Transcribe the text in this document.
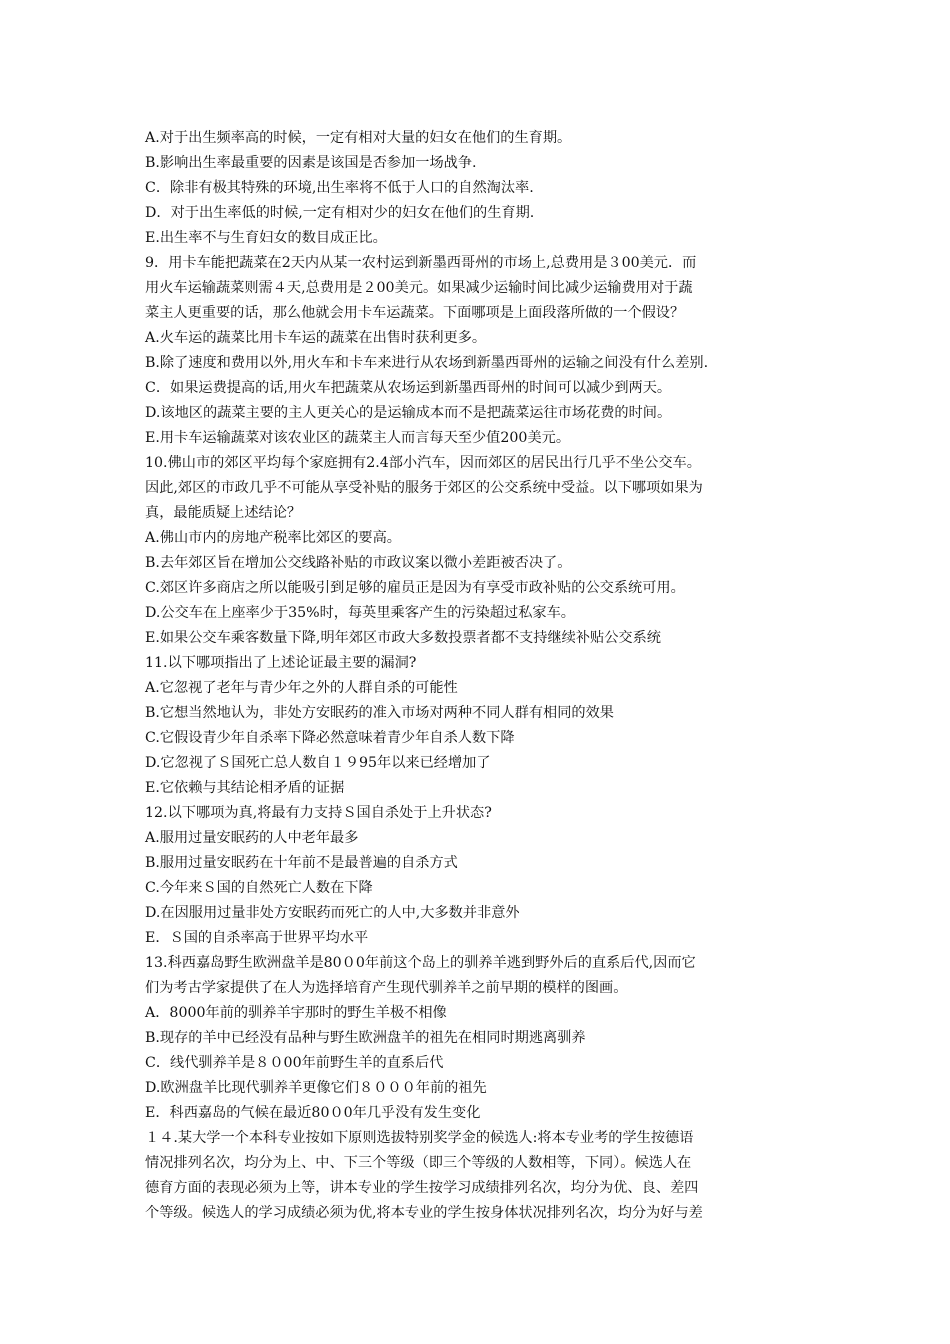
A.对于出生频率高的时候，一定有相对大量的妇女在他们的生育期。
B.影响出生率最重要的因素是该国是否参加一场战争.
C．除非有极其特殊的环境,出生率将不低于人口的自然淘汰率.
D．对于出生率低的时候,一定有相对少的妇女在他们的生育期.
E.出生率不与生育妇女的数目成正比。
9．用卡车能把蔬菜在2天内从某一农村运到新墨西哥州的市场上,总费用是３00美元．而
用火车运输蔬菜则需４天,总费用是２00美元。如果减少运输时间比减少运输费用对于蔬
菜主人更重要的话，那么他就会用卡车运蔬菜。下面哪项是上面段落所做的一个假设？
A.火车运的蔬菜比用卡车运的蔬菜在出售时获利更多。
B.除了速度和费用以外,用火车和卡车来进行从农场到新墨西哥州的运输之间没有什么差别.
C．如果运费提高的话,用火车把蔬菜从农场运到新墨西哥州的时间可以减少到两天。
D.该地区的蔬菜主要的主人更关心的是运输成本而不是把蔬菜运往市场花费的时间。
E.用卡车运输蔬菜对该农业区的蔬菜主人而言每天至少值200美元。
10.佛山市的郊区平均每个家庭拥有2.4部小汽车，因而郊区的居民出行几乎不坐公交车。
因此,郊区的市政几乎不可能从享受补贴的服务于郊区的公交系统中受益。以下哪项如果为
真，最能质疑上述结论？
A.佛山市内的房地产税率比郊区的要高。
B.去年郊区旨在增加公交线路补贴的市政议案以微小差距被否决了。
C.郊区许多商店之所以能吸引到足够的雇员正是因为有享受市政补贴的公交系统可用。
D.公交车在上座率少于35%时，每英里乘客产生的污染超过私家车。
E.如果公交车乘客数量下降,明年郊区市政大多数投票者都不支持继续补贴公交系统
11.以下哪项指出了上述论证最主要的漏洞?
A.它忽视了老年与青少年之外的人群自杀的可能性
B.它想当然地认为，非处方安眠药的准入市场对两种不同人群有相同的效果
C.它假设青少年自杀率下降必然意味着青少年自杀人数下降
D.它忽视了Ｓ国死亡总人数自１９95年以来已经增加了
E.它依赖与其结论相矛盾的证据
12.以下哪项为真,将最有力支持Ｓ国自杀处于上升状态?
A.服用过量安眠药的人中老年最多
B.服用过量安眠药在十年前不是最普遍的自杀方式
C.今年来Ｓ国的自然死亡人数在下降
D.在因服用过量非处方安眠药而死亡的人中,大多数并非意外
E．Ｓ国的自杀率高于世界平均水平
13.科西嘉岛野生欧洲盘羊是80０0年前这个岛上的驯养羊逃到野外后的直系后代,因而它
们为考古学家提供了在人为选择培育产生现代驯养羊之前早期的模样的图画。
A．8000年前的驯养羊宇那时的野生羊极不相像
B.现存的羊中已经没有品种与野生欧洲盘羊的祖先在相同时期逃离驯养
C．线代驯养羊是８０00年前野生羊的直系后代
D.欧洲盘羊比现代驯养羊更像它们８０００年前的祖先
E．科西嘉岛的气候在最近80０0年几乎没有发生变化
１４.某大学一个本科专业按如下原则选拔特别奖学金的候选人:将本专业考的学生按德语
情况排列名次，均分为上、中、下三个等级（即三个等级的人数相等，下同）。候选人在
德育方面的表现必须为上等，讲本专业的学生按学习成绩排列名次，均分为优、良、差四
个等级。候选人的学习成绩必须为优,将本专业的学生按身体状况排列名次，均分为好与差
